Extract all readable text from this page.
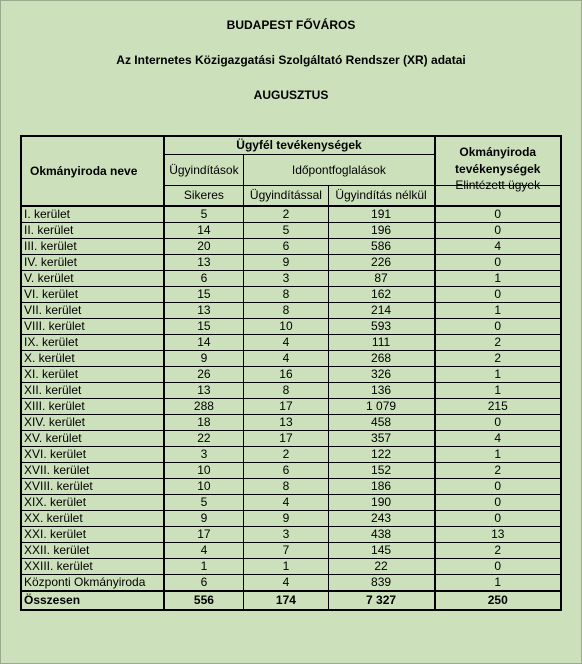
BUDAPEST FŐVÁROS
Az Internetes Közigazgatási Szolgáltató Rendszer (XR) adatai
AUGUSZTUS
Okmányiroda neve	Ügyfél tevékenységek			Okmányiroda tevékenységek
	Ügyindítások	Időpontfoglalások		
	Sikeres	Ügyindítással	Ügyindítás nélkül	Elintézett ügyek
I. kerület	5	2	191	0
II. kerület	14	5	196	0
III. kerület	20	6	586	4
IV. kerület	13	9	226	0
V. kerület	6	3	87	1
VI. kerület	15	8	162	0
VII. kerület	13	8	214	1
VIII. kerület	15	10	593	0
IX. kerület	14	4	111	2
X. kerület	9	4	268	2
XI. kerület	26	16	326	1
XII. kerület	13	8	136	1
XIII. kerület	288	17	1 079	215
XIV. kerület	18	13	458	0
XV. kerület	22	17	357	4
XVI. kerület	3	2	122	1
XVII. kerület	10	6	152	2
XVIII. kerület	10	8	186	0
XIX. kerület	5	4	190	0
XX. kerület	9	9	243	0
XXI. kerület	17	3	438	13
XXII. kerület	4	7	145	2
XXIII. kerület	1	1	22	0
Központi Okmányiroda	6	4	839	1
Összesen	556	174	7 327	250
